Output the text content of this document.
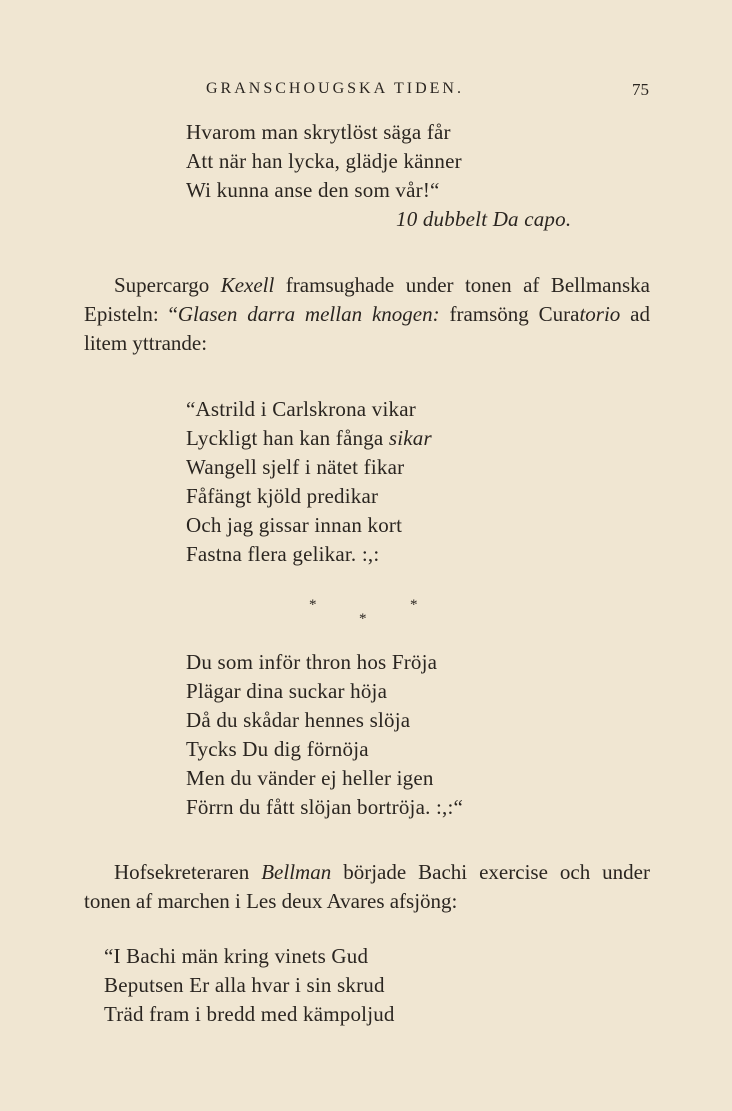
GRANSCHOUGSKA TIDEN.	75
Hvarom man skrytlöst säga får
Att när han lycka, glädje känner
Wi kunna anse den som vår!“
10 dubbelt Da capo.
Supercargo Kexell framsughade under tonen af Bellmanska Episteln: “Glasen darra mellan knogen: framsöng Curatorio ad litem yttrande:
“Astrild i Carlskrona vikar
Lyckligt han kan fånga sikar
Wangell sjelf i nätet fikar
Fåfängt kjöld predikar
Och jag gissar innan kort
Fastna flera gelikar. :,:
*
*
*
Du som inför thron hos Fröja
Plägar dina suckar höja
Då du skådar hennes slöja
Tycks Du dig förnöja
Men du vänder ej heller igen
Förrn du fått slöjan bortröja. :,:“
Hofsekreteraren Bellman började Bachi exercise och under tonen af marchen i Les deux Avares afsjöng:
“I Bachi män kring vinets Gud
Beputsen Er alla hvar i sin skrud
Träd fram i bredd med kämpoljud
